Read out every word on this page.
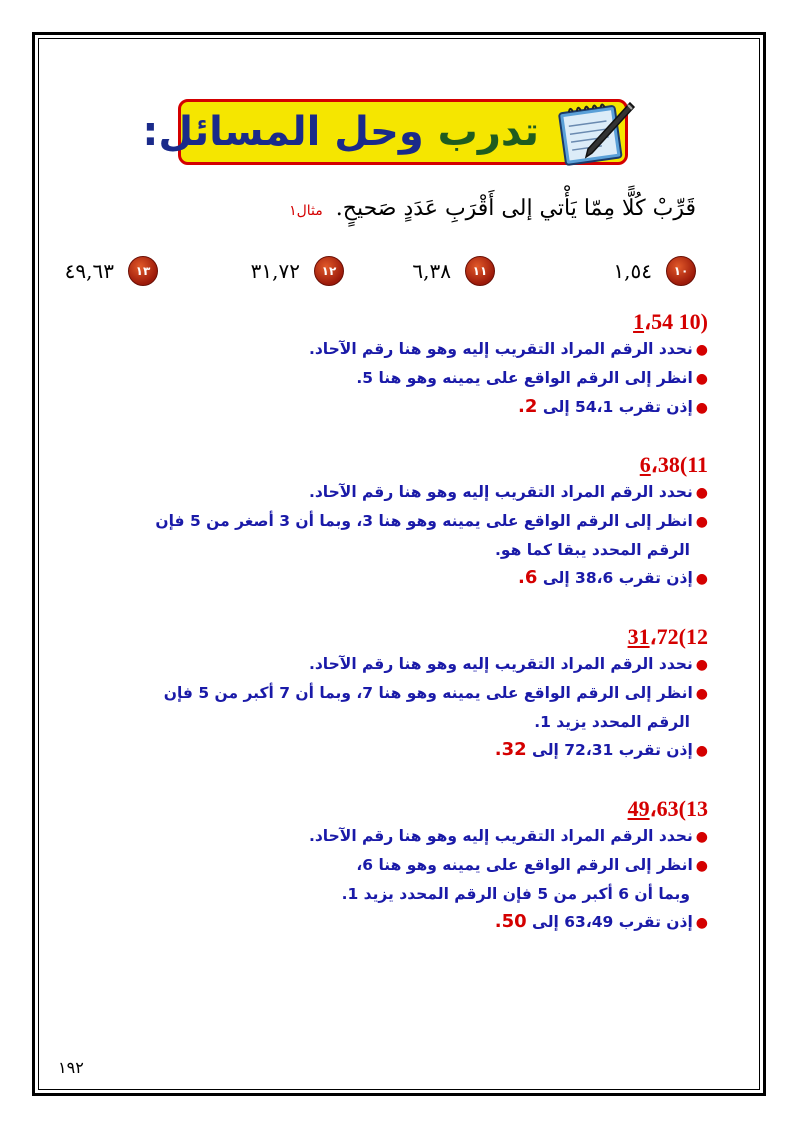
تدرب وحل المسائل:
قَرِّبْ كُلًّا مِمّا يَأْتي إلى أَقْرَبِ عَدَدٍ صَحيحٍ. مثال١
١٠
١,٥٤
١١
٦,٣٨
١٢
٣١,٧٢
١٣
٤٩,٦٣
1،54 10)
●نحدد الرقم المراد التقريب إليه وهو هنا رقم الآحاد.
●انظر إلى الرقم الواقع على يمينه وهو هنا 5.
●إذن تقرب 54،1 إلى 2.
6،38(11
●نحدد الرقم المراد التقريب إليه وهو هنا رقم الآحاد.
●انظر إلى الرقم الواقع على يمينه وهو هنا 3، وبما أن 3 أصغر من 5 فإن
الرقم المحدد يبقا كما هو.
●إذن تقرب 38،6 إلى 6.
31،72(12
●نحدد الرقم المراد التقريب إليه وهو هنا رقم الآحاد.
●انظر إلى الرقم الواقع على يمينه وهو هنا 7، وبما أن 7 أكبر من 5 فإن
الرقم المحدد يزيد 1.
●إذن تقرب 72،31 إلى 32.
49،63(13
●نحدد الرقم المراد التقريب إليه وهو هنا رقم الآحاد.
●انظر إلى الرقم الواقع على يمينه وهو هنا 6،
وبما أن 6 أكبر من 5 فإن الرقم المحدد يزيد 1.
●إذن تقرب 63،49 إلى 50.
١٩٢
